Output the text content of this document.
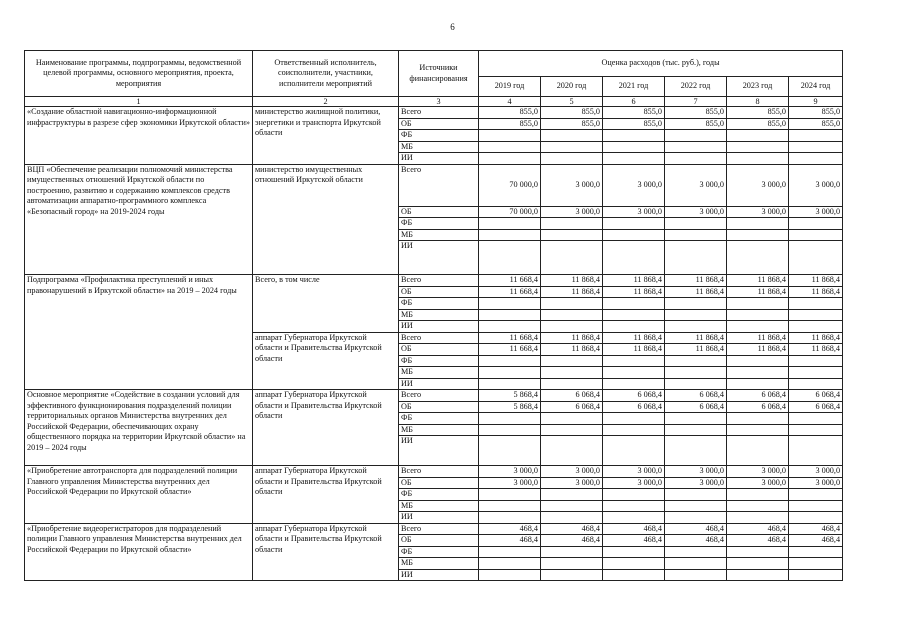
6
Наименование программы, подпрограммы, ведомственной целевой программы, основного мероприятия, проекта, мероприятия	Ответственный исполнитель, соисполнители, участники, исполнители мероприятий	Источники финансирования	Оценка расходов (тыс. руб.), годы					
			2019 год	2020 год	2021 год	2022 год	2023 год	2024 год
1	2	3	4	5	6	7	8	9
«Создание областной навигационно-информационной инфраструктуры в разрезе сфер экономики Иркутской области»	министерство жилищной политики, энергетики и транспорта Иркутской области	Всего	855,0	855,0	855,0	855,0	855,0	855,0
		ОБ	855,0	855,0	855,0	855,0	855,0	855,0
		ФБ						
		МБ						
		ИИ						
ВЦП «Обеспечение реализации полномочий министерства имущественных отношений Иркутской области по построению, развитию и содержанию комплексов средств автоматизации аппаратно-программного комплекса «Безопасный город» на 2019-2024 годы	министерство имущественных отношений Иркутской области	Всего	70 000,0	3 000,0	3 000,0	3 000,0	3 000,0	3 000,0
		ОБ	70 000,0	3 000,0	3 000,0	3 000,0	3 000,0	3 000,0
		ФБ						
		МБ						
		ИИ						
Подпрограмма «Профилактика преступлений и иных правонарушений в Иркутской области» на 2019 – 2024 годы	Всего, в том числе	Всего	11 668,4	11 868,4	11 868,4	11 868,4	11 868,4	11 868,4
		ОБ	11 668,4	11 868,4	11 868,4	11 868,4	11 868,4	11 868,4
		ФБ						
		МБ						
		ИИ						
	аппарат Губернатора Иркутской области и Правительства Иркутской области	Всего	11 668,4	11 868,4	11 868,4	11 868,4	11 868,4	11 868,4
		ОБ	11 668,4	11 868,4	11 868,4	11 868,4	11 868,4	11 868,4
		ФБ						
		МБ						
		ИИ						
Основное мероприятие «Содействие в создании условий для эффективного функционирования подразделений полиции территориальных органов Министерства внутренних дел Российской Федерации, обеспечивающих охрану общественного порядка на территории Иркутской области» на 2019 – 2024 годы	аппарат Губернатора Иркутской области и Правительства Иркутской области	Всего	5 868,4	6 068,4	6 068,4	6 068,4	6 068,4	6 068,4
		ОБ	5 868,4	6 068,4	6 068,4	6 068,4	6 068,4	6 068,4
		ФБ						
		МБ						
		ИИ						
«Приобретение автотранспорта для подразделений полиции Главного управления Министерства внутренних дел Российской Федерации по Иркутской области»	аппарат Губернатора Иркутской области и Правительства Иркутской области	Всего	3 000,0	3 000,0	3 000,0	3 000,0	3 000,0	3 000,0
		ОБ	3 000,0	3 000,0	3 000,0	3 000,0	3 000,0	3 000,0
		ФБ						
		МБ						
		ИИ						
«Приобретение видеорегистраторов для подразделений полиции Главного управления Министерства внутренних дел Российской Федерации по Иркутской области»	аппарат Губернатора Иркутской области и Правительства Иркутской области	Всего	468,4	468,4	468,4	468,4	468,4	468,4
		ОБ	468,4	468,4	468,4	468,4	468,4	468,4
		ФБ						
		МБ						
		ИИ						
